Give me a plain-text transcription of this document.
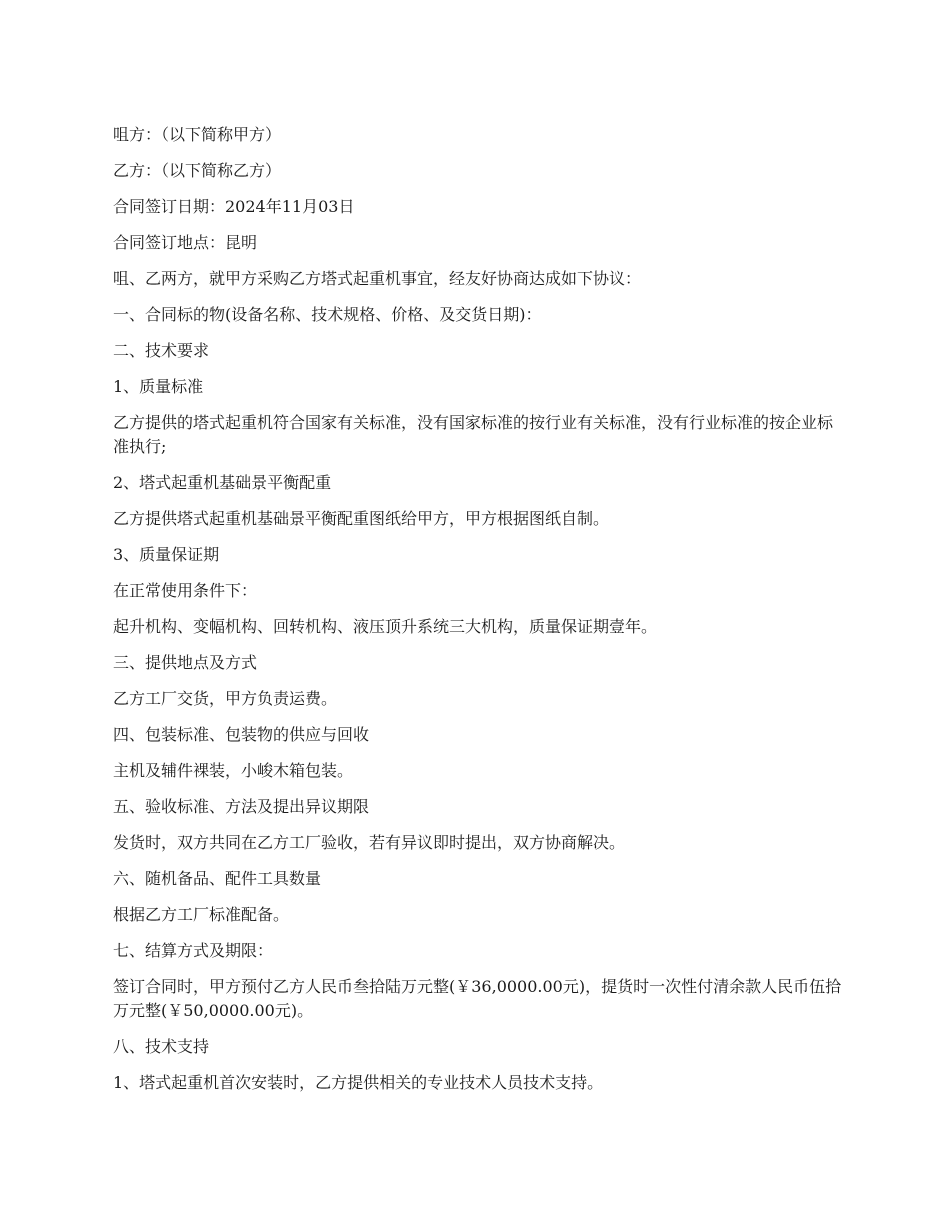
咀方：（以下简称甲方）

乙方：（以下简称乙方）

合同签订日期：2024年11月03日

合同签订地点：昆明

咀、乙两方，就甲方采购乙方塔式起重机事宜，经友好协商达成如下协议：

一、合同标的物(设备名称、技术规格、价格、及交货日期)：

二、技术要求

1、质量标准

乙方提供的塔式起重机符合国家有关标准，没有国家标准的按行业有关标准，没有行业标准的按企业标准执行;

2、塔式起重机基础景平衡配重

乙方提供塔式起重机基础景平衡配重图纸给甲方，甲方根据图纸自制。

3、质量保证期

在正常使用条件下：

起升机构、变幅机构、回转机构、液压顶升系统三大机构，质量保证期壹年。

三、提供地点及方式

乙方工厂交货，甲方负责运费。

四、包装标准、包装物的供应与回收

主机及辅件裸装，小峻木箱包装。

五、验收标准、方法及提出异议期限

发货时，双方共同在乙方工厂验收，若有异议即时提出，双方协商解决。

六、随机备品、配件工具数量

根据乙方工厂标准配备。

七、结算方式及期限：

签订合同时，甲方预付乙方人民币叁拾陆万元整(￥36,0000.00元)，提货时一次性付清余款人民币伍拾万元整(￥50,0000.00元)。

八、技术支持

1、塔式起重机首次安装时，乙方提供相关的专业技术人员技术支持。
